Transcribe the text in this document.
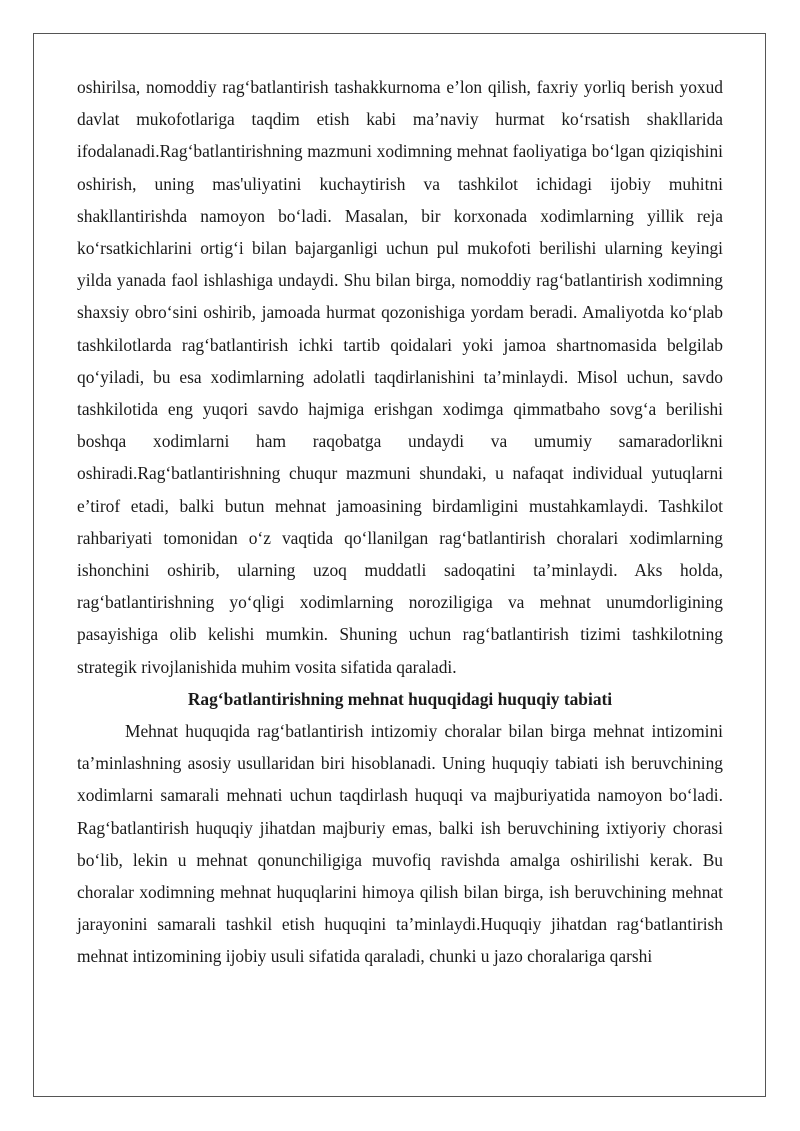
oshirilsa, nomoddiy rag‘batlantirish tashakkurnoma e’lon qilish, faxriy yorliq berish yoxud davlat mukofotlariga taqdim etish kabi ma’naviy hurmat ko‘rsatish shakllarida ifodalanadi.Rag‘batlantirishning mazmuni xodimning mehnat faoliyatiga bo‘lgan qiziqishini oshirish, uning mas'uliyatini kuchaytirish va tashkilot ichidagi ijobiy muhitni shakllantirishda namoyon bo‘ladi. Masalan, bir korxonada xodimlarning yillik reja ko‘rsatkichlarini ortig‘i bilan bajarganligi uchun pul mukofoti berilishi ularning keyingi yilda yanada faol ishlashiga undaydi. Shu bilan birga, nomoddiy rag‘batlantirish xodimning shaxsiy obro‘sini oshirib, jamoada hurmat qozonishiga yordam beradi. Amaliyotda ko‘plab tashkilotlarda rag‘batlantirish ichki tartib qoidalari yoki jamoa shartnomasida belgilab qo‘yiladi, bu esa xodimlarning adolatli taqdirlanishini ta’minlaydi. Misol uchun, savdo tashkilotida eng yuqori savdo hajmiga erishgan xodimga qimmatbaho sovg‘a berilishi boshqa xodimlarni ham raqobatga undaydi va umumiy samaradorlikni oshiradi.Rag‘batlantirishning chuqur mazmuni shundaki, u nafaqat individual yutuqlarni e’tirof etadi, balki butun mehnat jamoasining birdamligini mustahkamlaydi. Tashkilot rahbariyati tomonidan o‘z vaqtida qo‘llanilgan rag‘batlantirish choralari xodimlarning ishonchini oshirib, ularning uzoq muddatli sadoqatini ta’minlaydi. Aks holda, rag‘batlantirishning yo‘qligi xodimlarning noroziligiga va mehnat unumdorligining pasayishiga olib kelishi mumkin. Shuning uchun rag‘batlantirish tizimi tashkilotning strategik rivojlanishida muhim vosita sifatida qaraladi.

Rag‘batlantirishning mehnat huquqidagi huquqiy tabiati

Mehnat huquqida rag‘batlantirish intizomiy choralar bilan birga mehnat intizomini ta’minlashning asosiy usullaridan biri hisoblanadi. Uning huquqiy tabiati ish beruvchining xodimlarni samarali mehnati uchun taqdirlash huquqi va majburiyatida namoyon bo‘ladi. Rag‘batlantirish huquqiy jihatdan majburiy emas, balki ish beruvchining ixtiyoriy chorasi bo‘lib, lekin u mehnat qonunchiligiga muvofiq ravishda amalga oshirilishi kerak. Bu choralar xodimning mehnat huquqlarini himoya qilish bilan birga, ish beruvchining mehnat jarayonini samarali tashkil etish huquqini ta’minlaydi.Huquqiy jihatdan rag‘batlantirish mehnat intizomining ijobiy usuli sifatida qaraladi, chunki u jazo choralariga qarshi
